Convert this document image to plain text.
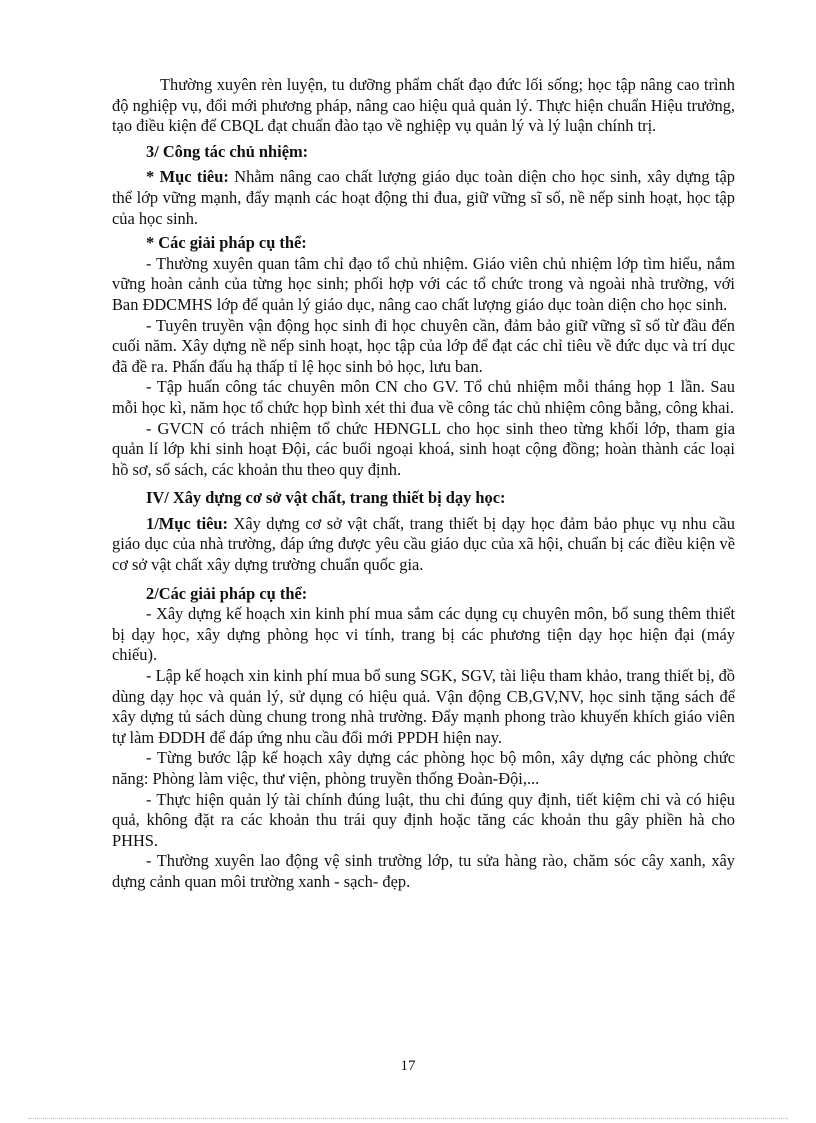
Thường xuyên rèn luyện, tu dưỡng phẩm chất đạo đức lối sống; học tập nâng cao trình độ nghiệp vụ, đổi mới phương pháp, nâng cao hiệu quả quản lý. Thực hiện chuẩn Hiệu trưởng, tạo điều kiện để CBQL đạt chuẩn đào tạo về nghiệp vụ quản lý và lý luận chính trị.

3/ Công tác chủ nhiệm:

* Mục tiêu: Nhằm nâng cao chất lượng giáo dục toàn diện cho học sinh, xây dựng tập thể lớp vững mạnh, đẩy mạnh các hoạt động thi đua, giữ vững sĩ số, nề nếp sinh hoạt, học tập của học sinh.

* Các giải pháp cụ thể:

- Thường xuyên quan tâm chỉ đạo tổ chủ nhiệm. Giáo viên chủ nhiệm lớp tìm hiểu, nắm vững hoàn cảnh của từng học sinh; phối hợp với các tổ chức trong và ngoài nhà trường, với Ban ĐDCMHS lớp để quản lý giáo dục, nâng cao chất lượng giáo dục toàn diện cho học sinh.

- Tuyên truyền vận động học sinh đi học chuyên cần, đảm bảo giữ vững sĩ số từ đầu đến cuối năm. Xây dựng nề nếp sinh hoạt, học tập của lớp để đạt các chỉ tiêu về đức dục và trí dục đã đề ra. Phấn đấu hạ thấp tỉ lệ học sinh bỏ học, lưu ban.

- Tập huấn công tác chuyên môn CN cho GV. Tổ chủ nhiệm mỗi tháng họp 1 lần. Sau mỗi học kì, năm học tổ chức họp bình xét thi đua về công tác chủ nhiệm công bằng, công khai.

- GVCN có trách nhiệm tổ chức HĐNGLL cho học sinh theo từng khối lớp, tham gia quản lí lớp khi sinh hoạt Đội, các buổi ngoại khoá, sinh hoạt cộng đồng; hoàn thành các loại hồ sơ, sổ sách, các khoản thu theo quy định.

IV/ Xây dựng cơ sở vật chất, trang thiết bị dạy học:

1/Mục tiêu: Xây dựng cơ sở vật chất, trang thiết bị dạy học đảm bảo phục vụ nhu cầu giáo dục của nhà trường, đáp ứng được yêu cầu giáo dục của xã hội, chuẩn bị các điều kiện về cơ sở vật chất xây dựng trường chuẩn quốc gia.

2/Các giải pháp cụ thể:

- Xây dựng kế hoạch xin kinh phí mua sắm các dụng cụ chuyên môn, bổ sung thêm thiết bị dạy học, xây dựng phòng học vi tính, trang bị các phương tiện dạy học hiện đại (máy chiếu).

- Lập kế hoạch xin kinh phí mua bổ sung SGK, SGV, tài liệu tham khảo, trang thiết bị, đồ dùng dạy học và quản lý, sử dụng có hiệu quả. Vận động CB,GV,NV, học sinh tặng sách để xây dựng tủ sách dùng chung trong nhà trường. Đẩy mạnh phong trào khuyến khích giáo viên tự làm ĐDDH để đáp ứng nhu cầu đổi mới PPDH hiện nay.

- Từng bước lập kế hoạch xây dựng các phòng học bộ môn, xây dựng các phòng chức năng: Phòng làm việc, thư viện, phòng truyền thống Đoàn-Đội,...

- Thực hiện quản lý tài chính đúng luật, thu chi đúng quy định, tiết kiệm chi và có hiệu quả, không đặt ra các khoản thu trái quy định hoặc tăng các khoản thu gây phiền hà cho PHHS.

- Thường xuyên lao động vệ sinh trường lớp, tu sửa hàng rào, chăm sóc cây xanh, xây dựng cảnh quan môi trường xanh - sạch- đẹp.

17
